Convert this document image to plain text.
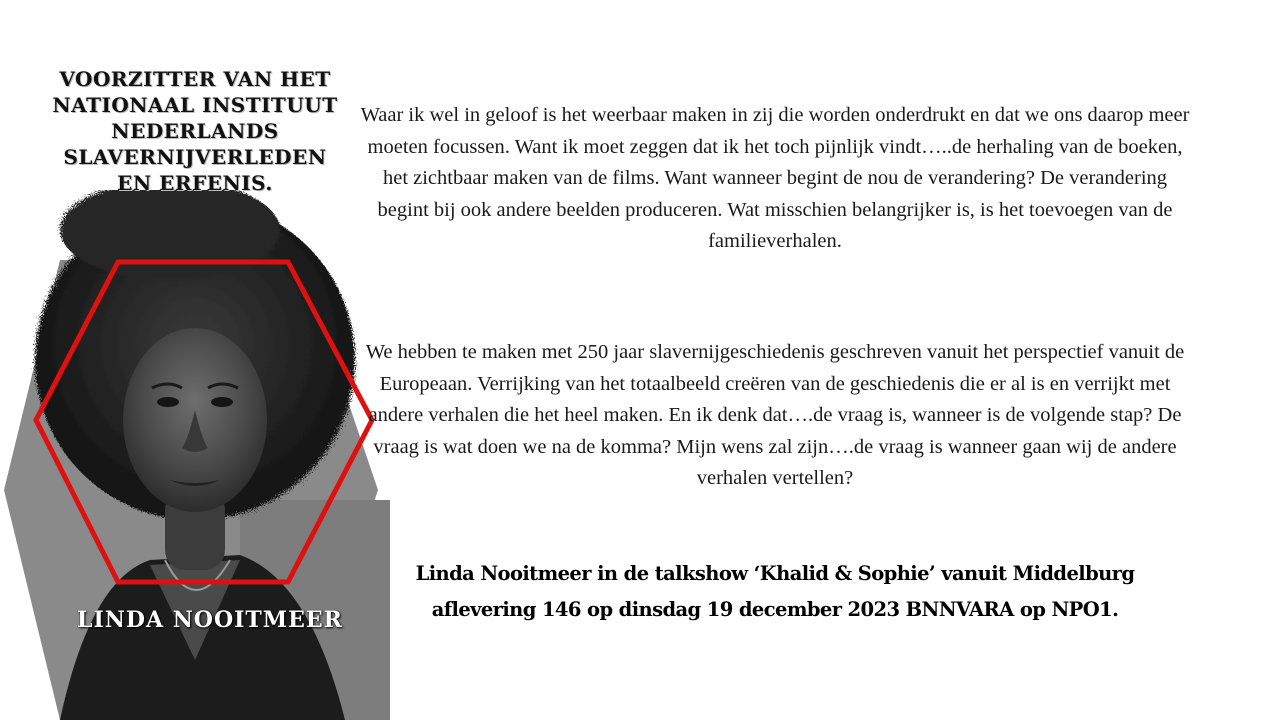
VOORZITTER VAN HET
NATIONAAL INSTITUUT
NEDERLANDS
SLAVERNIJVERLEDEN
EN ERFENIS.
LINDA NOOITMEER

Waar ik wel in geloof is het weerbaar maken in zij die worden onderdrukt en dat we ons daarop meer moeten focussen. Want ik moet zeggen dat ik het toch pijnlijk vindt…..de herhaling van de boeken, het zichtbaar maken van de films. Want wanneer begint de nou de verandering? De verandering begint bij ook andere beelden produceren. Wat misschien belangrijker is, is het toevoegen van de familieverhalen.

We hebben te maken met 250 jaar slavernijgeschiedenis geschreven vanuit het perspectief vanuit de Europeaan. Verrijking van het totaalbeeld creëren van de geschiedenis die er al is en verrijkt met andere verhalen die het heel maken. En ik denk dat….de vraag is, wanneer is de volgende stap? De vraag is wat doen we na de komma? Mijn wens zal zijn….de vraag is wanneer gaan wij de andere verhalen vertellen?

Linda Nooitmeer in de talkshow ‘Khalid & Sophie’ vanuit Middelburg
aflevering 146 op dinsdag 19 december 2023 BNNVARA op NPO1.
